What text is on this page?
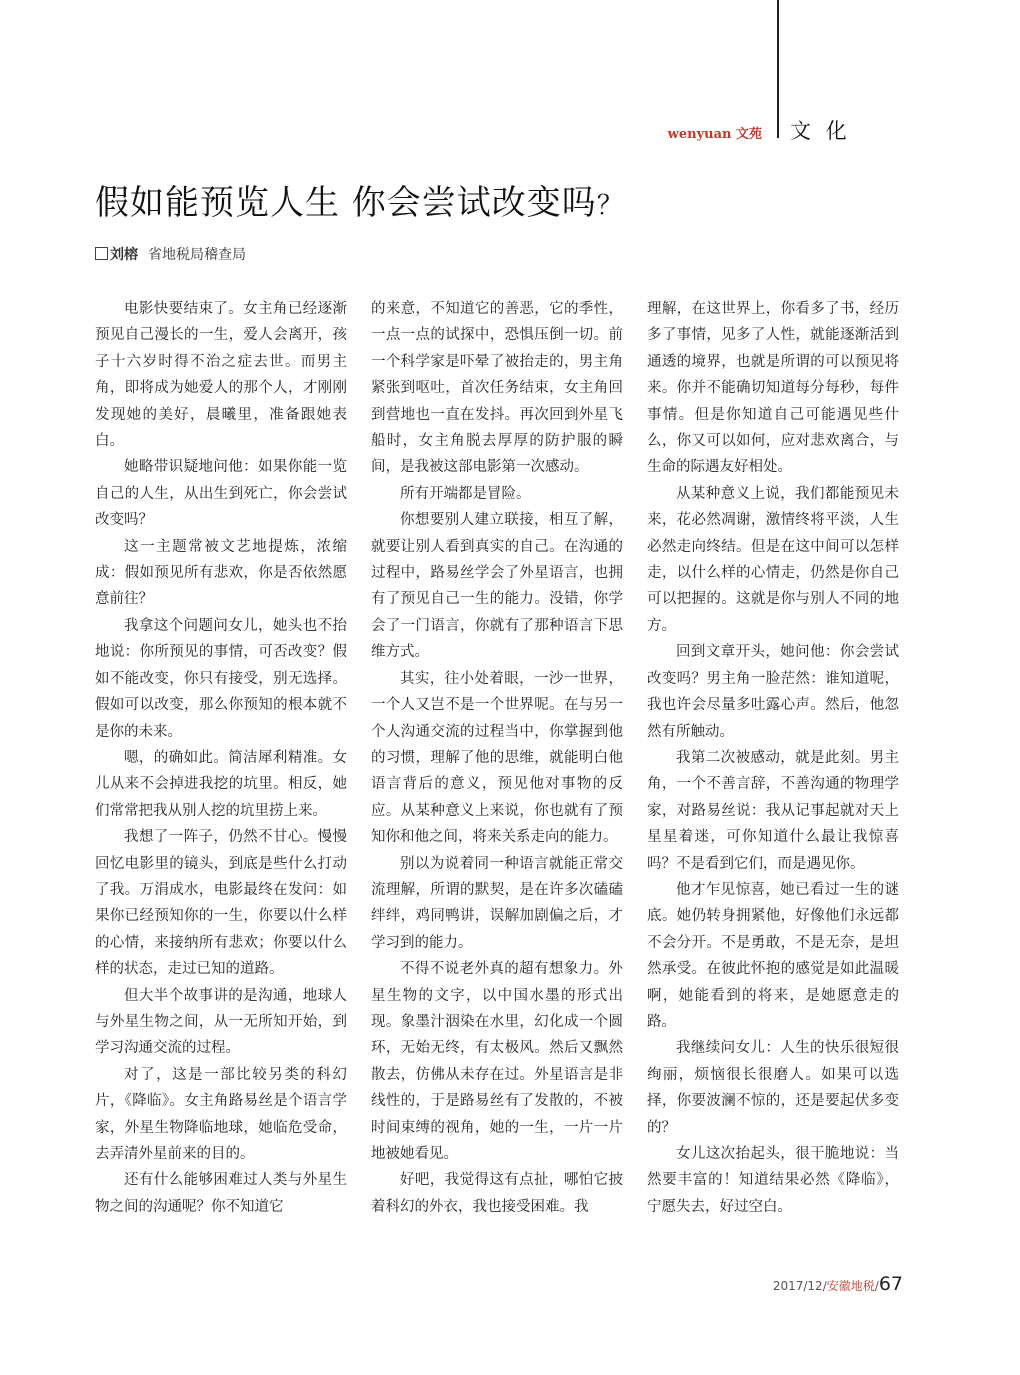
wenyuan 文苑 文 化
假如能预览人生 你会尝试改变吗？
刘榕 省地税局稽查局

电影快要结束了。女主角已经逐渐预见自己漫长的一生，爱人会离开，孩子十六岁时得不治之症去世。而男主角，即将成为她爱人的那个人，才刚刚发现她的美好，晨曦里，准备跟她表白。

她略带识疑地问他：如果你能一览自己的人生，从出生到死亡，你会尝试改变吗？

这一主题常被文艺地提炼，浓缩成：假如预见所有悲欢，你是否依然愿意前往？

我拿这个问题问女儿，她头也不抬地说：你所预见的事情，可否改变？假如不能改变，你只有接受，别无选择。假如可以改变，那么你预知的根本就不是你的未来。

嗯，的确如此。简洁犀利精准。女儿从来不会掉进我挖的坑里。相反，她们常常把我从别人挖的坑里捞上来。

我想了一阵子，仍然不甘心。慢慢回忆电影里的镜头，到底是些什么打动了我。万涓成水，电影最终在发问：如果你已经预知你的一生，你要以什么样的心情，来接纳所有悲欢；你要以什么样的状态，走过已知的道路。

但大半个故事讲的是沟通，地球人与外星生物之间，从一无所知开始，到学习沟通交流的过程。

对了，这是一部比较另类的科幻片，《降临》。女主角路易丝是个语言学家，外星生物降临地球，她临危受命，去弄清外星前来的目的。

还有什么能够困难过人类与外星生物之间的沟通呢？你不知道它

的来意，不知道它的善恶，它的季性，一点一点的试探中，恐惧压倒一切。前一个科学家是吓晕了被抬走的，男主角紧张到呕吐，首次任务结束，女主角回到营地也一直在发抖。再次回到外星飞船时，女主角脱去厚厚的防护服的瞬间，是我被这部电影第一次感动。

所有开端都是冒险。

你想要别人建立联接，相互了解，就要让别人看到真实的自己。在沟通的过程中，路易丝学会了外星语言，也拥有了预见自己一生的能力。没错，你学会了一门语言，你就有了那种语言下思维方式。

其实，往小处着眼，一沙一世界，一个人又岂不是一个世界呢。在与另一个人沟通交流的过程当中，你掌握到他的习惯，理解了他的思维，就能明白他语言背后的意义，预见他对事物的反应。从某种意义上来说，你也就有了预知你和他之间，将来关系走向的能力。

别以为说着同一种语言就能正常交流理解，所谓的默契，是在许多次磕磕绊绊，鸡同鸭讲，误解加剧偏之后，才学习到的能力。

不得不说老外真的超有想象力。外星生物的文字，以中国水墨的形式出现。象墨汁洇染在水里，幻化成一个圆环，无始无终，有太极风。然后又飘然散去，仿佛从未存在过。外星语言是非线性的，于是路易丝有了发散的，不被时间束缚的视角，她的一生，一片一片地被她看见。

好吧，我觉得这有点扯，哪怕它披着科幻的外衣，我也接受困难。我

理解，在这世界上，你看多了书，经历多了事情，见多了人性，就能逐渐活到通透的境界，也就是所谓的可以预见将来。你并不能确切知道每分每秒，每件事情。但是你知道自己可能遇见些什么，你又可以如何，应对悲欢离合，与生命的际遇友好相处。

从某种意义上说，我们都能预见未来，花必然凋谢，激情终将平淡，人生必然走向终结。但是在这中间可以怎样走，以什么样的心情走，仍然是你自己可以把握的。这就是你与别人不同的地方。

回到文章开头，她问他：你会尝试改变吗？男主角一脸茫然：谁知道呢，我也许会尽量多吐露心声。然后，他忽然有所触动。

我第二次被感动，就是此刻。男主角，一个不善言辞，不善沟通的物理学家，对路易丝说：我从记事起就对天上星星着迷，可你知道什么最让我惊喜吗？不是看到它们，而是遇见你。

他才乍见惊喜，她已看过一生的谜底。她仍转身拥紧他，好像他们永远都不会分开。不是勇敢，不是无奈，是坦然承受。在彼此怀抱的感觉是如此温暖啊，她能看到的将来，是她愿意走的路。

我继续问女儿：人生的快乐很短很绚丽，烦恼很长很磨人。如果可以选择，你要波澜不惊的，还是要起伏多变的？

女儿这次抬起头，很干脆地说：当然要丰富的！知道结果必然《降临》，宁愿失去，好过空白。

2017/12/安徽地税/67
